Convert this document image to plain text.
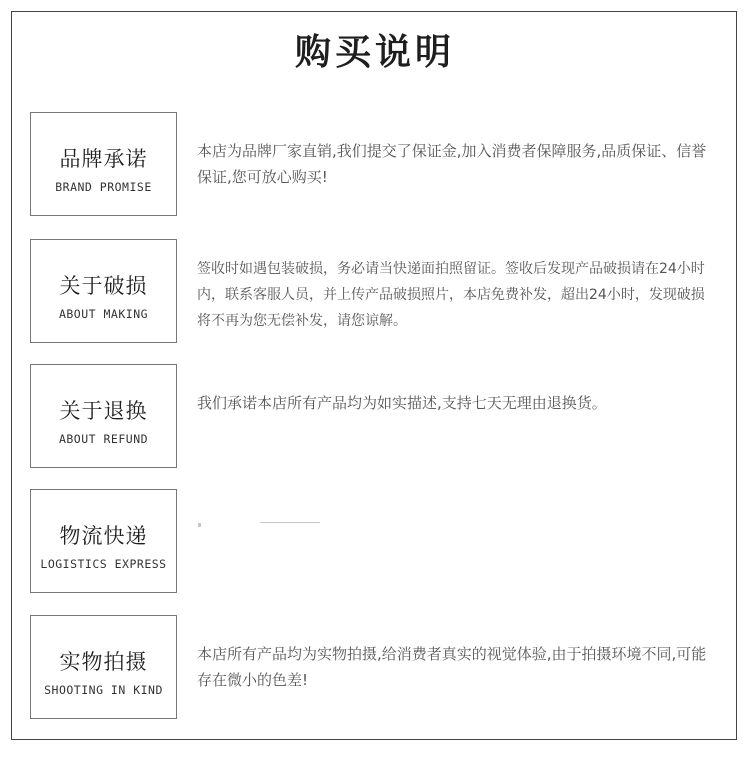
购买说明
品牌承诺
BRAND PROMISE
本店为品牌厂家直销,我们提交了保证金,加入消费者保障服务,品质保证、信誉保证,您可放心购买!
关于破损
ABOUT MAKING
签收时如遇包装破损，务必请当快递面拍照留证。签收后发现产品破损请在24小时内，联系客服人员，并上传产品破损照片，本店免费补发，超出24小时，发现破损将不再为您无偿补发，请您谅解。
关于退换
ABOUT REFUND
我们承诺本店所有产品均为如实描述,支持七天无理由退换货。
物流快递
LOGISTICS EXPRESS
实物拍摄
SHOOTING IN KIND
本店所有产品均为实物拍摄,给消费者真实的视觉体验,由于拍摄环境不同,可能存在微小的色差!
